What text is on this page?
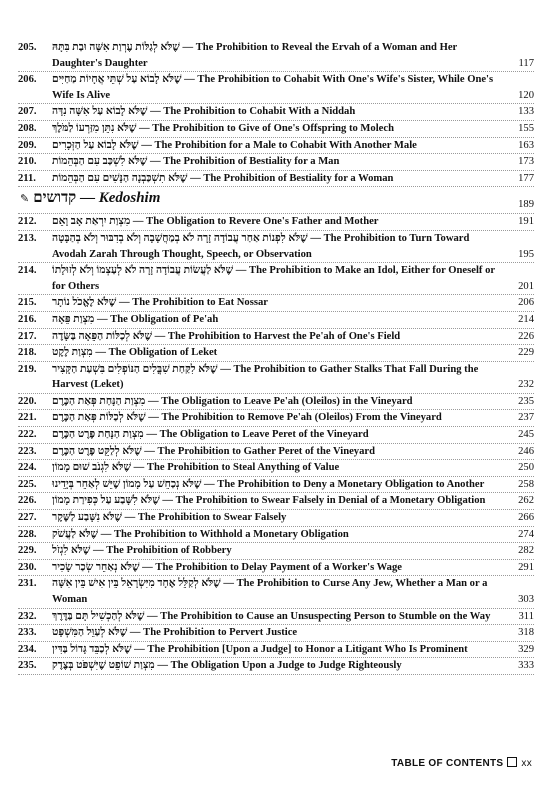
205.	שֶׁלֹּא לְגַלּוֹת עֶרְוַת אִשָּׁה וּבַת בִּתָּהּ — The Prohibition to Reveal the Ervah of a Woman and Her Daughter's Daughter	117
206.	שֶׁלֹּא לָבוֹא עַל שְׁתֵּי אֲחָיוֹת מַחַיִּים — The Prohibition to Cohabit With One's Wife's Sister, While One's Wife Is Alive	120
207.	שֶׁלֹּא לָבוֹא עַל אִשָּׁה נִדָּה — The Prohibition to Cohabit With a Niddah	133
208.	שֶׁלֹּא נִתֵּן מִזַּרְעוֹ לַמֹּלֶךְ — The Prohibition to Give of One's Offspring to Molech	155
209.	שֶׁלֹּא לָבוֹא עַל הַזְּכָרִים — The Prohibition for a Male to Cohabit With Another Male	163
210.	שֶׁלֹּא לִשְׁכַּב עִם הַבְּהֵמוֹת — The Prohibition of Bestiality for a Man	173
211.	שֶׁלֹּא תִשְׁכַּבְנָה הַנָּשִׁים עִם הַבְּהֵמוֹת — The Prohibition of Bestiality for a Woman	177
✎ קדושים — Kedoshim	189
212.	מִצְוַת יִרְאַת אָב וָאֵם — The Obligation to Revere One's Father and Mother	191
213.	שֶׁלֹּא לִפְנוֹת אַחַר עֲבוֹדָה זָרָה לֹא בְמַחֲשָׁבָה וְלֹא בְדִבּוּר וְלֹא בְהַבָּטָה — The Prohibition to Turn Toward Avodah Zarah Through Thought, Speech, or Observation	195
214.	שֶׁלֹּא לַעֲשׂוֹת עֲבוֹדָה זָרָה לֹא לְעַצְמוֹ וְלֹא לְזוּלָתוֹ — The Prohibition to Make an Idol, Either for Oneself or for Others	201
215.	שֶׁלֹּא לֶאֱכֹל נוֹתָר — The Prohibition to Eat Nossar	206
216.	מִצְוַת פֵּאָה — The Obligation of Pe'ah	214
217.	שֶׁלֹּא לְכַלּוֹת הַפֵּאָה בַּשָּׂדֶה — The Prohibition to Harvest the Pe'ah of One's Field	226
218.	מִצְוַת לֶקֶט — The Obligation of Leket	229
219.	שֶׁלֹּא לִקַּחַת שִׁבֳּלִים הַנּוֹפְלִים בִּשְׁעַת הַקָּצִיר — The Prohibition to Gather Stalks That Fall During the Harvest (Leket)	232
220.	מִצְוַת הַנָּחַת פְּאַת הַכֶּרֶם — The Obligation to Leave Pe'ah (Oleilos) in the Vineyard	235
221.	שֶׁלֹּא לְכַלּוֹת פְּאַת הַכֶּרֶם — The Prohibition to Remove Pe'ah (Oleilos) From the Vineyard	237
222.	מִצְוַת הַנָּחַת פֶּרֶט הַכֶּרֶם — The Obligation to Leave Peret of the Vineyard	245
223.	שֶׁלֹּא לְלַקֵּט פֶּרֶט הַכֶּרֶם — The Prohibition to Gather Peret of the Vineyard	246
224.	שֶׁלֹּא לִגְנֹב שׁוּם מָמוֹן — The Prohibition to Steal Anything of Value	250
225.	שֶׁלֹּא נְכַחֵשׁ עַל מָמוֹן שֶׁיֵּשׁ לְאַחֵר בְּיָדֵינוּ — The Prohibition to Deny a Monetary Obligation to Another	258
226.	שֶׁלֹּא לִשָּׁבַע עַל כְּפִירַת מָמוֹן — The Prohibition to Swear Falsely in Denial of a Monetary Obligation	262
227.	שֶׁלֹּא נִשָּׁבַע לַשֶּׁקֶר — The Prohibition to Swear Falsely	266
228.	שֶׁלֹּא לַעֲשֹׁק — The Prohibition to Withhold a Monetary Obligation	274
229.	שֶׁלֹּא לִגְזֹל — The Prohibition of Robbery	282
230.	שֶׁלֹּא נְאַחֵר שְׂכַר שָׂכִיר — The Prohibition to Delay Payment of a Worker's Wage	291
231.	שֶׁלֹּא לְקַלֵּל אֶחָד מִיִּשְׂרָאֵל בֵּין אִישׁ בֵּין אִשָּׁה — The Prohibition to Curse Any Jew, Whether a Man or a Woman	303
232.	שֶׁלֹּא לְהַכְשִׁיל תָּם בַּדֶּרֶךְ — The Prohibition to Cause an Unsuspecting Person to Stumble on the Way	311
233.	שֶׁלֹּא לְעַוֵּל הַמִּשְׁפָּט — The Prohibition to Pervert Justice	318
234.	שֶׁלֹּא לְכַבֵּד גָּדוֹל בַּדִּין — The Prohibition [Upon a Judge] to Honor a Litigant Who Is Prominent	329
235.	מִצְוַת שׁוֹפֵט שֶׁיִּשְׁפֹּט בְּצֶדֶק — The Obligation Upon a Judge to Judge Righteously	333
TABLE OF CONTENTS xx
